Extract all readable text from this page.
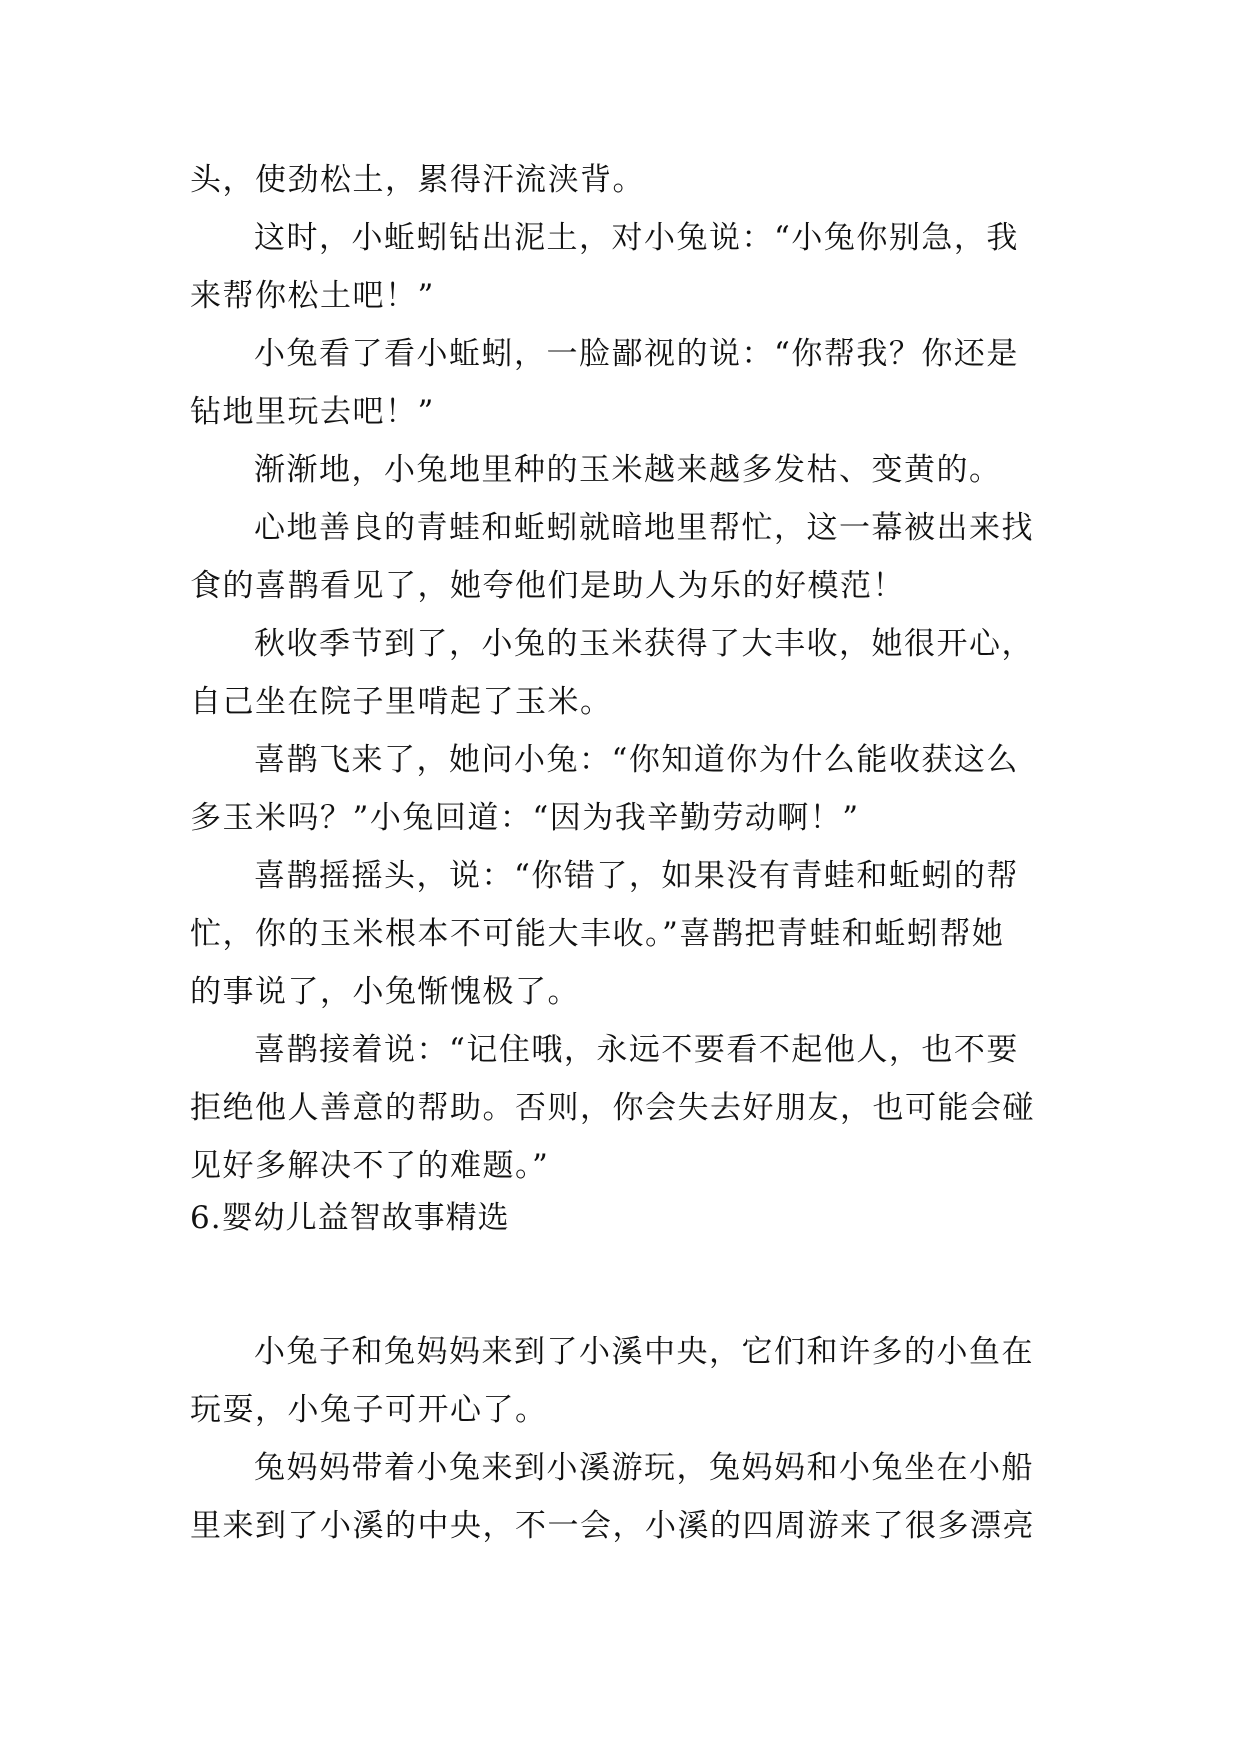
头，使劲松土，累得汗流浃背。
这时，小蚯蚓钻出泥土，对小兔说：“小兔你别急，我
来帮你松土吧！”
小兔看了看小蚯蚓，一脸鄙视的说：“你帮我？你还是
钻地里玩去吧！”
渐渐地，小兔地里种的玉米越来越多发枯、变黄的。
心地善良的青蛙和蚯蚓就暗地里帮忙，这一幕被出来找
食的喜鹊看见了，她夸他们是助人为乐的好模范！
秋收季节到了，小兔的玉米获得了大丰收，她很开心，
自己坐在院子里啃起了玉米。
喜鹊飞来了，她问小兔：“你知道你为什么能收获这么
多玉米吗？”小兔回道：“因为我辛勤劳动啊！”
喜鹊摇摇头，说：“你错了，如果没有青蛙和蚯蚓的帮
忙，你的玉米根本不可能大丰收。”喜鹊把青蛙和蚯蚓帮她
的事说了，小兔惭愧极了。
喜鹊接着说：“记住哦，永远不要看不起他人，也不要
拒绝他人善意的帮助。否则，你会失去好朋友，也可能会碰
见好多解决不了的难题。”
6.婴幼儿益智故事精选
小兔子和兔妈妈来到了小溪中央，它们和许多的小鱼在
玩耍，小兔子可开心了。
兔妈妈带着小兔来到小溪游玩，兔妈妈和小兔坐在小船
里来到了小溪的中央，不一会，小溪的四周游来了很多漂亮
